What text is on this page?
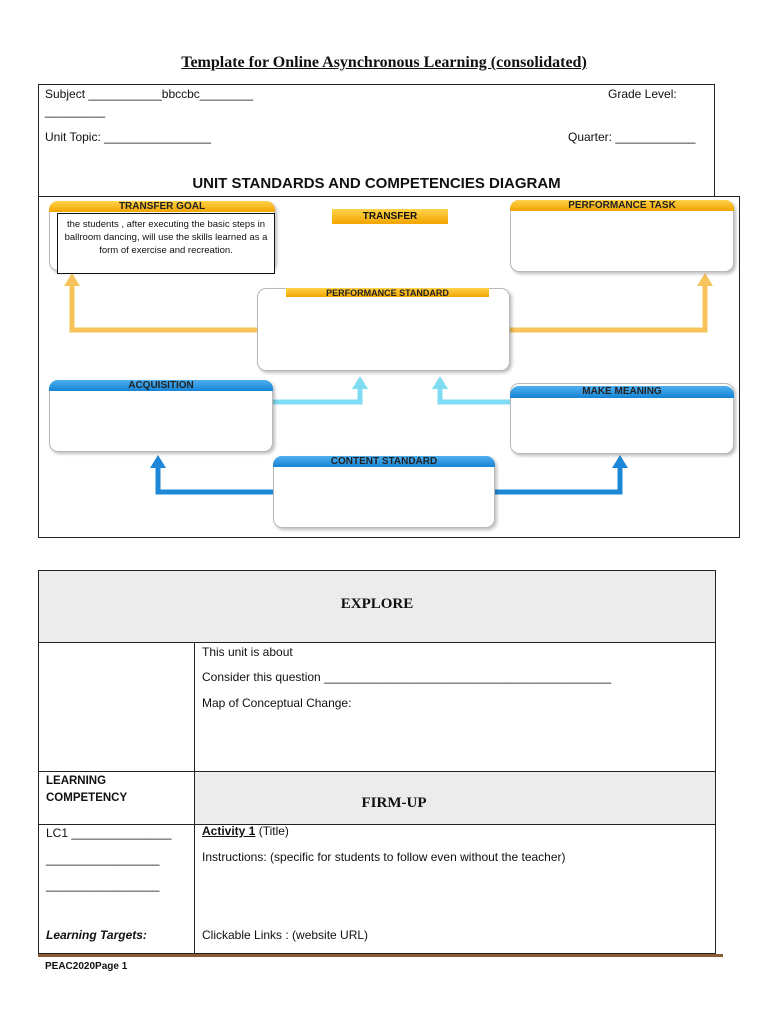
Template for Online Asynchronous Learning (consolidated)
Subject ___________bbccbc________
_________
Grade Level:
Unit Topic: ________________	Quarter: ____________
UNIT STANDARDS AND COMPETENCIES DIAGRAM
TRANSFER GOAL
the students , after executing the basic steps in ballroom dancing, will use the skills learned as a form of exercise and recreation.
TRANSFER
PERFORMANCE TASK
PERFORMANCE STANDARD
ACQUISITION
MAKE MEANING
CONTENT STANDARD
EXPLORE
This unit is about
Consider this question ___________________________________________
Map of Conceptual Change:
LEARNING COMPETENCY	FIRM-UP
LC1 _______________
_________________
_________________
Learning Targets:
Activity 1 (Title)
Instructions: (specific for students to follow even without the teacher)
Clickable Links : (website URL)
PEAC2020Page 1
